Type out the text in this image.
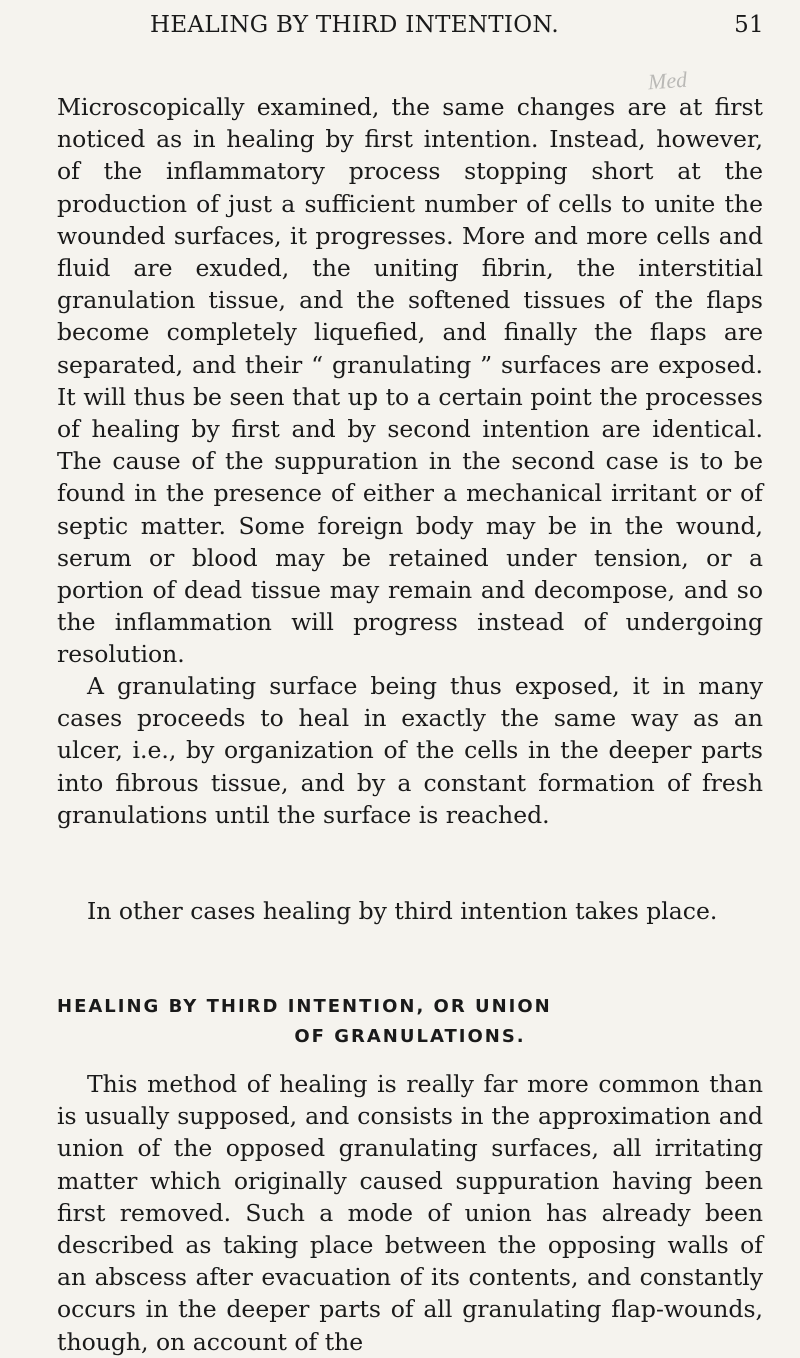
HEALING BY THIRD INTENTION.	51
Med

Microscopically examined, the same changes are at first noticed as in healing by first intention. Instead, however, of the inflammatory process stopping short at the production of just a sufficient number of cells to unite the wounded surfaces, it progresses. More and more cells and fluid are exuded, the uniting fibrin, the interstitial granulation tissue, and the softened tissues of the flaps become completely liquefied, and finally the flaps are separated, and their “ granulating ” surfaces are exposed. It will thus be seen that up to a certain point the processes of healing by first and by second intention are identical. The cause of the suppuration in the second case is to be found in the presence of either a mechanical irritant or of septic matter. Some foreign body may be in the wound, serum or blood may be retained under tension, or a portion of dead tissue may remain and decompose, and so the inflammation will progress instead of undergoing resolution.

A granulating surface being thus exposed, it in many cases proceeds to heal in exactly the same way as an ulcer, i.e., by organization of the cells in the deeper parts into fibrous tissue, and by a constant formation of fresh granulations until the surface is reached.

In other cases healing by third intention takes place.

HEALING BY THIRD INTENTION, OR UNION
OF GRANULATIONS.

This method of healing is really far more common than is usually supposed, and consists in the approximation and union of the opposed granulating surfaces, all irritating matter which originally caused suppuration having been first removed. Such a mode of union has already been described as taking place between the opposing walls of an abscess after evacuation of its contents, and constantly occurs in the deeper parts of all granulating flap-wounds, though, on account of the
